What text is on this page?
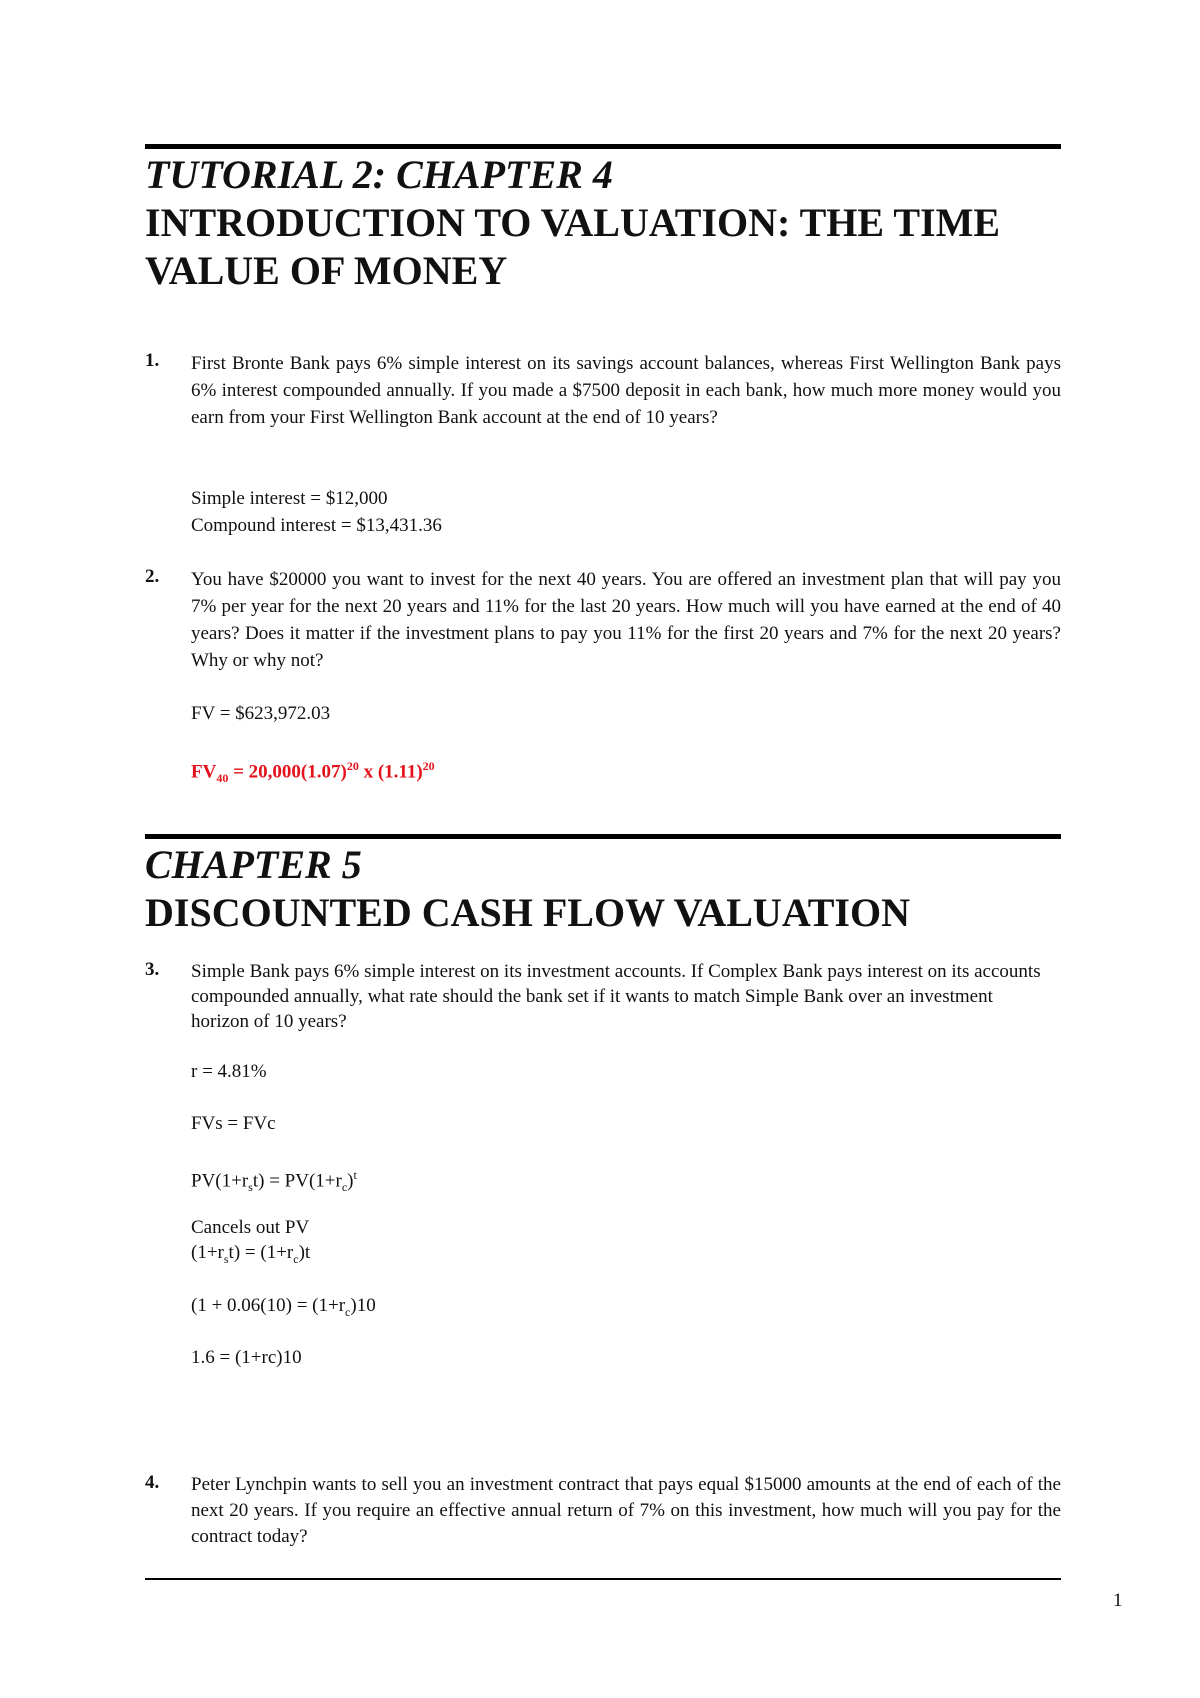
TUTORIAL 2: CHAPTER 4
INTRODUCTION TO VALUATION: THE TIME
VALUE OF MONEY
1. First Bronte Bank pays 6% simple interest on its savings account balances, whereas First Wellington Bank pays 6% interest compounded annually. If you made a $7500 deposit in each bank, how much more money would you earn from your First Wellington Bank account at the end of 10 years?

Simple interest = $12,000

Compound interest = $13,431.36

2. You have $20000 you want to invest for the next 40 years. You are offered an investment plan that will pay you 7% per year for the next 20 years and 11% for the last 20 years. How much will you have earned at the end of 40 years? Does it matter if the investment plans to pay you 11% for the first 20 years and 7% for the next 20 years? Why or why not?

FV = $623,972.03

$FV_{40} = 20,000(1.07)^{20}$ x $(1.11)^{20}$

CHAPTER 5
DISCOUNTED CASH FLOW VALUATION
3. Simple Bank pays 6% simple interest on its investment accounts. If Complex Bank pays interest on its accounts compounded annually, what rate should the bank set if it wants to match Simple Bank over an investment horizon of 10 years?

r = 4.81%

FVs = FVc

$PV(1+r_st) = PV(1+r_c)^t$

Cancels out PV

$(1+r_st) = (1+r_c)t$

($1 + 0.06(10) = (1+r_c)10$

1.6 = (1+rc)10

4. Peter Lynchpin wants to sell you an investment contract that pays equal $15000 amounts at the end of each of the next 20 years. If you require an effective annual return of 7% on this investment, how much will you pay for the contract today?

1
